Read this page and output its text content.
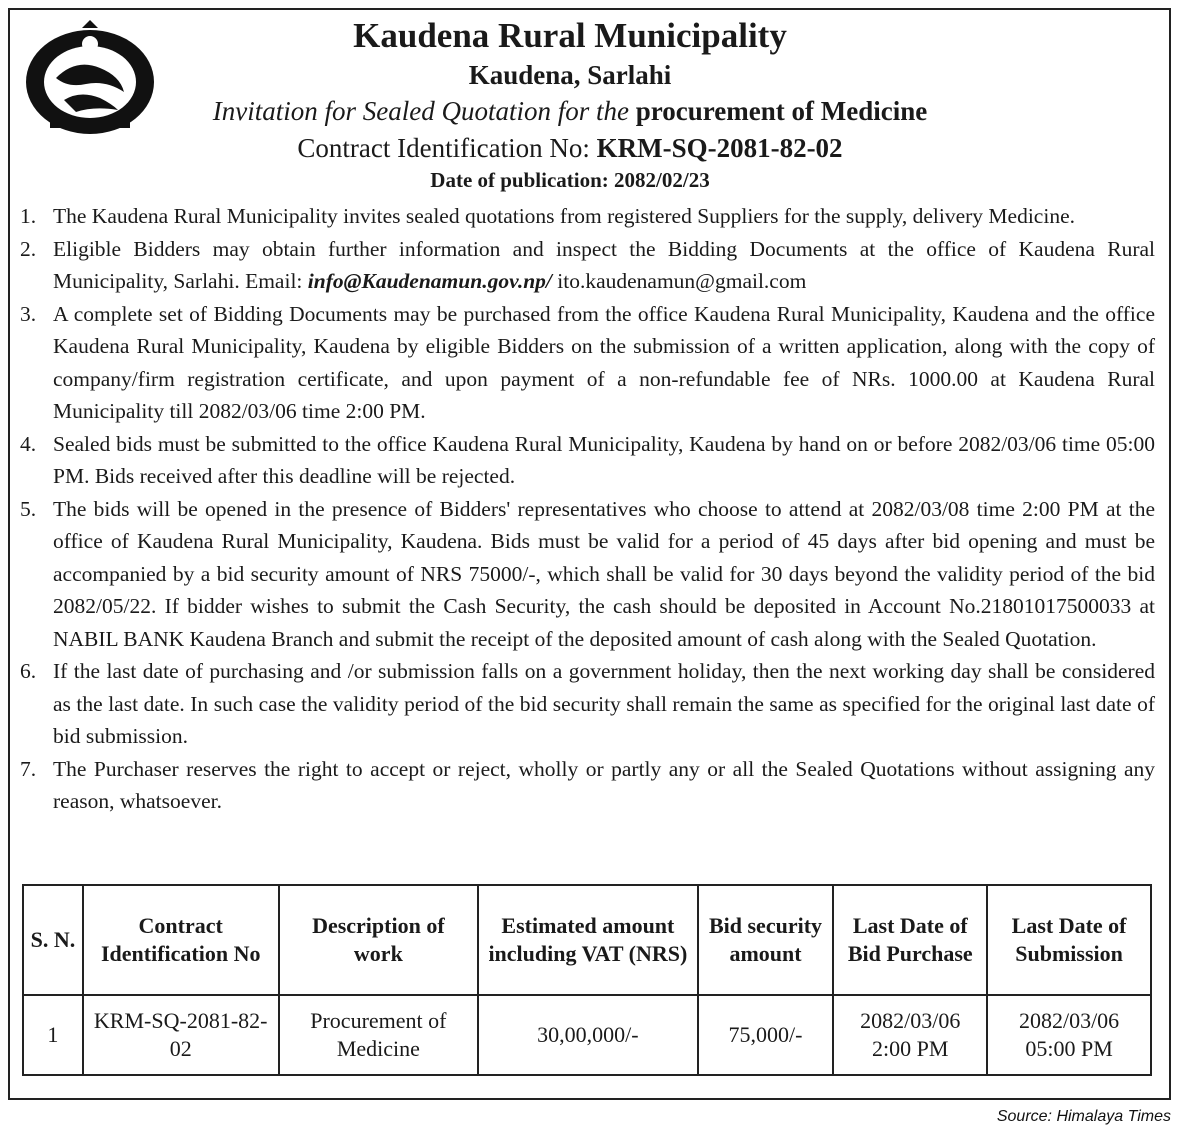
Kaudena Rural Municipality
Kaudena, Sarlahi
Invitation for Sealed Quotation for the procurement of Medicine
Contract Identification No: KRM-SQ-2081-82-02
Date of publication: 2082/02/23
1. The Kaudena Rural Municipality invites sealed quotations from registered Suppliers for the supply, delivery Medicine.
2. Eligible Bidders may obtain further information and inspect the Bidding Documents at the office of Kaudena Rural Municipality, Sarlahi. Email: info@Kaudenamun.gov.np/ ito.kaudenamun@gmail.com
3. A complete set of Bidding Documents may be purchased from the office Kaudena Rural Municipality, Kaudena and the office Kaudena Rural Municipality, Kaudena by eligible Bidders on the submission of a written application, along with the copy of company/firm registration certificate, and upon payment of a non-refundable fee of NRs. 1000.00 at Kaudena Rural Municipality till 2082/03/06 time 2:00 PM.
4. Sealed bids must be submitted to the office Kaudena Rural Municipality, Kaudena by hand on or before 2082/03/06 time 05:00 PM. Bids received after this deadline will be rejected.
5. The bids will be opened in the presence of Bidders' representatives who choose to attend at 2082/03/08 time 2:00 PM at the office of Kaudena Rural Municipality, Kaudena. Bids must be valid for a period of 45 days after bid opening and must be accompanied by a bid security amount of NRS 75000/-, which shall be valid for 30 days beyond the validity period of the bid 2082/05/22. If bidder wishes to submit the Cash Security, the cash should be deposited in Account No.21801017500033 at NABIL BANK Kaudena Branch and submit the receipt of the deposited amount of cash along with the Sealed Quotation.
6. If the last date of purchasing and /or submission falls on a government holiday, then the next working day shall be considered as the last date. In such case the validity period of the bid security shall remain the same as specified for the original last date of bid submission.
7. The Purchaser reserves the right to accept or reject, wholly or partly any or all the Sealed Quotations without assigning any reason, whatsoever.
S. N.	Contract Identification No	Description of work	Estimated amount including VAT (NRS)	Bid security amount	Last Date of Bid Purchase	Last Date of Submission
1	KRM-SQ-2081-82-02	Procurement of Medicine	30,00,000/-	75,000/-	2082/03/06 2:00 PM	2082/03/06 05:00 PM
Source: Himalaya Times
